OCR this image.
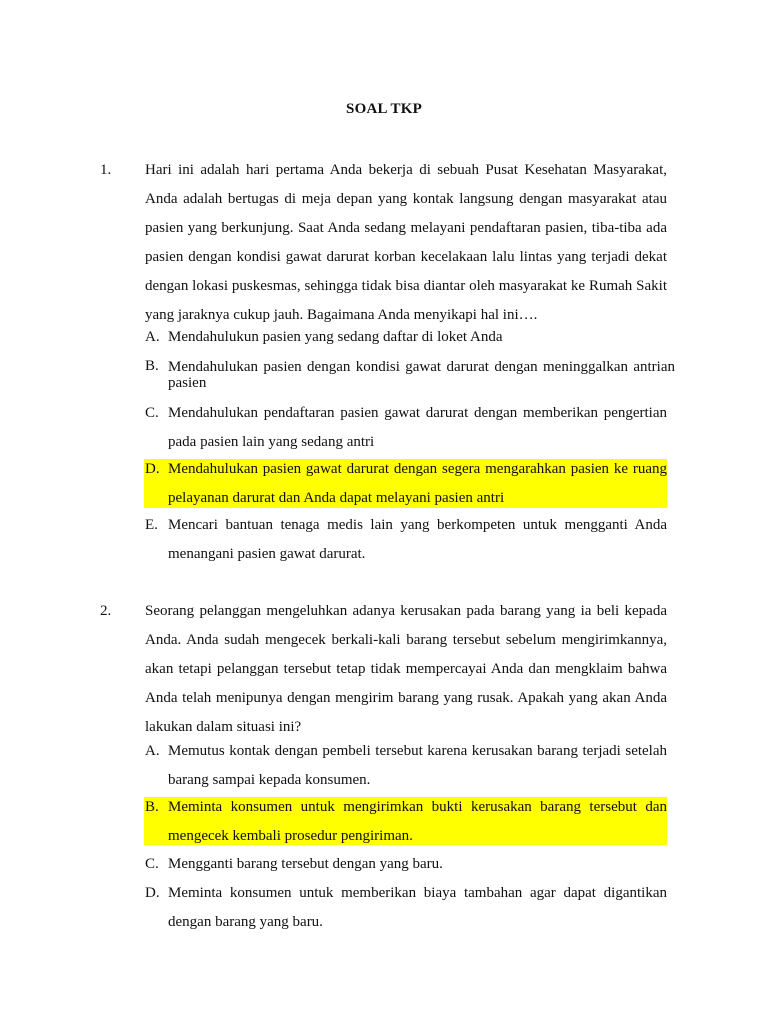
SOAL TKP
1. Hari ini adalah hari pertama Anda bekerja di sebuah Pusat Kesehatan Masyarakat, Anda adalah bertugas di meja depan yang kontak langsung dengan masyarakat atau pasien yang berkunjung. Saat Anda sedang melayani pendaftaran pasien, tiba-tiba ada pasien dengan kondisi gawat darurat korban kecelakaan lalu lintas yang terjadi dekat dengan lokasi puskesmas, sehingga tidak bisa diantar oleh masyarakat ke Rumah Sakit yang jaraknya cukup jauh. Bagaimana Anda menyikapi hal ini….
A. Mendahulukun pasien yang sedang daftar di loket Anda
B. Mendahulukan pasien dengan kondisi gawat darurat dengan meninggalkan antrian pasien
C. Mendahulukan pendaftaran pasien gawat darurat dengan memberikan pengertian pada pasien lain yang sedang antri
D. Mendahulukan pasien gawat darurat dengan segera mengarahkan pasien ke ruang pelayanan darurat dan Anda dapat melayani pasien antri
E. Mencari bantuan tenaga medis lain yang berkompeten untuk mengganti Anda menangani pasien gawat darurat.
2. Seorang pelanggan mengeluhkan adanya kerusakan pada barang yang ia beli kepada Anda. Anda sudah mengecek berkali-kali barang tersebut sebelum mengirimkannya, akan tetapi pelanggan tersebut tetap tidak mempercayai Anda dan mengklaim bahwa Anda telah menipunya dengan mengirim barang yang rusak. Apakah yang akan Anda lakukan dalam situasi ini?
A. Memutus kontak dengan pembeli tersebut karena kerusakan barang terjadi setelah barang sampai kepada konsumen.
B. Meminta konsumen untuk mengirimkan bukti kerusakan barang tersebut dan mengecek kembali prosedur pengiriman.
C. Mengganti barang tersebut dengan yang baru.
D. Meminta konsumen untuk memberikan biaya tambahan agar dapat digantikan dengan barang yang baru.
